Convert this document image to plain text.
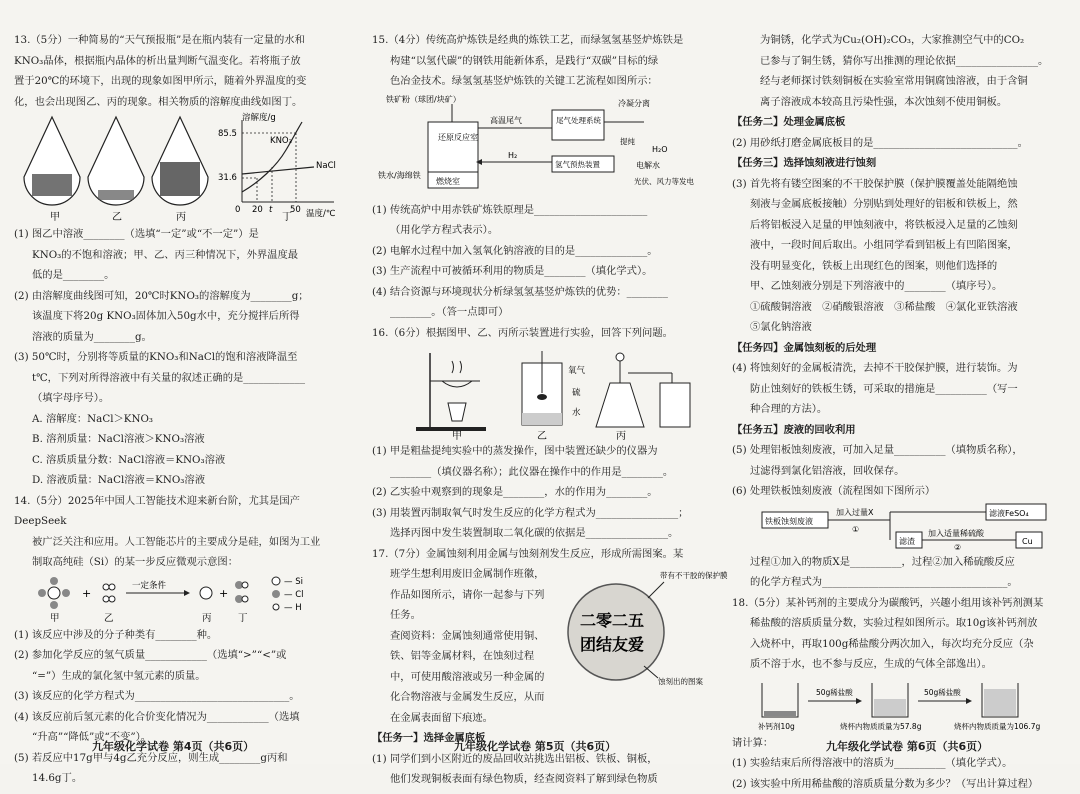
13.（5分）一种简易的“天气预报瓶”是在瓶内装有一定量的水和

KNO₃晶体，根据瓶内晶体的析出量判断气温变化。若将瓶子放

置于20℃的环境下，出现的现象如图甲所示，随着外界温度的变

化，也会出现图乙、丙的现象。相关物质的溶解度曲线如图丁。

甲	乙	丙
溶解度/g
温度/℃
85.5
31.6
0 20 t 50
KNO₃
NaCl
丁

(1) 图乙中溶液________（选填“一定”或“不一定”）是

KNO₃的不饱和溶液；甲、乙、丙三种情况下，外界温度最

低的是________。

(2) 由溶解度曲线图可知，20℃时KNO₃的溶解度为________g；

该温度下将20g KNO₃固体加入50g水中，充分搅拌后所得

溶液的质量为________g。

(3) 50℃时，分别将等质量的KNO₃和NaCl的饱和溶液降温至

t℃，下列对所得溶液中有关量的叙述正确的是____________

（填字母序号）。

A. 溶解度：NaCl＞KNO₃

B. 溶剂质量：NaCl溶液＞KNO₃溶液

C. 溶质质量分数：NaCl溶液＝KNO₃溶液

D. 溶液质量：NaCl溶液＝KNO₃溶液

14.（5分）2025年中国人工智能技术迎来新台阶，尤其是国产DeepSeek

被广泛关注和应用。人工智能芯片的主要成分是硅，如图为工业

制取高纯硅（Si）的某一步反应微观示意图：

+
一定条件
+
— Si
— Cl
— H
甲	乙	丙	丁

(1) 该反应中涉及的分子种类有________种。

(2) 参加化学反应的氢气质量____________（选填“>”“<”或

“=”）生成的氯化氢中氢元素的质量。

(3) 该反应的化学方程式为______________________________。

(4) 该反应前后氢元素的化合价变化情况为____________（选填

“升高”“降低”或“不变”）。

(5) 若反应中17g甲与4g乙充分反应，则生成________g丙和

14.6g丁。

九年级化学试卷 第4页（共6页）

15.（4分）传统高炉炼铁是经典的炼铁工艺，而绿氢氢基竖炉炼铁是

构建“以氢代碳”的钢铁用能新体系，是践行“双碳”目标的绿

色冶金技术。绿氢氢基竖炉炼铁的关键工艺流程如图所示：

铁矿粉（球团/块矿）
还原反应室
燃烧室
高温尾气	尾气处理系统
冷凝分离
H₂O
氢气预热装置
H₂
提纯
电解水
光伏、风力等发电
铁水/海绵铁

(1) 传统高炉中用赤铁矿炼铁原理是______________________

（用化学方程式表示）。

(2) 电解水过程中加入氢氧化钠溶液的目的是______________。

(3) 生产流程中可被循环利用的物质是________（填化学式）。

(4) 结合资源与环境现状分析绿氢氢基竖炉炼铁的优势：________

________。（答一点即可）

16.（6分）根据图甲、乙、丙所示装置进行实验，回答下列问题。

氧气
硫
水
甲	乙	丙

(1) 甲是粗盐提纯实验中的蒸发操作，图中装置还缺少的仪器为

________（填仪器名称）；此仪器在操作中的作用是________。

(2) 乙实验中观察到的现象是________，水的作用为________。

(3) 用装置丙制取氧气时发生反应的化学方程式为________________；

选择丙图中发生装置制取二氧化碳的依据是________________。

17.（7分）金属蚀刻利用金属与蚀刻剂发生反应，形成所需图案。某

班学生想利用废旧金属制作班徽，

作品如图所示，请你一起参与下列

任务。

查阅资料：金属蚀刻通常使用铜、

铁、铝等金属材料，在蚀刻过程

中，可使用酸溶液或另一种金属的

化合物溶液与金属发生反应，从而

在金属表面留下痕迹。

二零二五
团结友爱
带有不干胶的保护膜
蚀刻出的图案

【任务一】选择金属底板

(1) 同学们到小区附近的废品回收站挑选出铝板、铁板、铜板，

他们发现铜板表面有绿色物质，经查阅资料了解到绿色物质

九年级化学试卷 第5页（共6页）

为铜锈，化学式为Cu₂(OH)₂CO₃，大家推测空气中的CO₂

已参与了铜生锈，猜你写出推测的理论依据________________。

经与老师探讨铁刻铜板在实验室常用铜腐蚀溶液，由于含铜

离子溶液成本较高且污染性强，本次蚀刻不使用铜板。

【任务二】处理金属底板

(2) 用砂纸打磨金属底板目的是____________________________。

【任务三】选择蚀刻液进行蚀刻

(3) 首先将有镂空图案的不干胶保护膜（保护膜覆盖处能隔绝蚀

刻液与金属底板接触）分别贴到处理好的铝板和铁板上，然

后将铝板浸入足量的甲蚀刻液中，将铁板浸入足量的乙蚀刻

液中，一段时间后取出。小组同学看到铝板上有凹陷图案，

没有明显变化，铁板上出现红色的图案，则他们选择的

甲、乙蚀刻液分别是下列溶液中的________（填序号）。

①硫酸铜溶液　②硝酸银溶液　③稀盐酸　④氯化亚铁溶液

⑤氯化钠溶液

【任务四】金属蚀刻板的后处理

(4) 将蚀刻好的金属板清洗，去掉不干胶保护膜，进行装饰。为

防止蚀刻好的铁板生锈，可采取的措施是__________（写一

种合理的方法）。

【任务五】废液的回收利用

(5) 处理铝板蚀刻废液，可加入足量__________（填物质名称），

过滤得到氯化铝溶液，回收保存。

(6) 处理铁板蚀刻废液（流程图如下图所示）

铁板蚀刻废液
加入过量X
①
滤液FeSO₄
滤渣
加入适量稀硫酸
②
Cu

过程①加入的物质X是__________，过程②加入稀硫酸反应

的化学方程式为____________________________________。

18.（5分）某补钙剂的主要成分为碳酸钙，兴趣小组用该补钙剂测某

稀盐酸的溶质质量分数，实验过程如图所示。取10g该补钙剂放

入烧杯中，再取100g稀盐酸分两次加入，每次均充分反应（杂

质不溶于水，也不参与反应，生成的气体全部逸出）。

50g稀盐酸	50g稀盐酸
补钙剂10g	烧杯内物质质量为57.8g	烧杯内物质质量为106.7g

请计算：

(1) 实验结束后所得溶液中的溶质为__________（填化学式）。

(2) 该实验中所用稀盐酸的溶质质量分数为多少？（写出计算过程）

九年级化学试卷 第6页（共6页）
